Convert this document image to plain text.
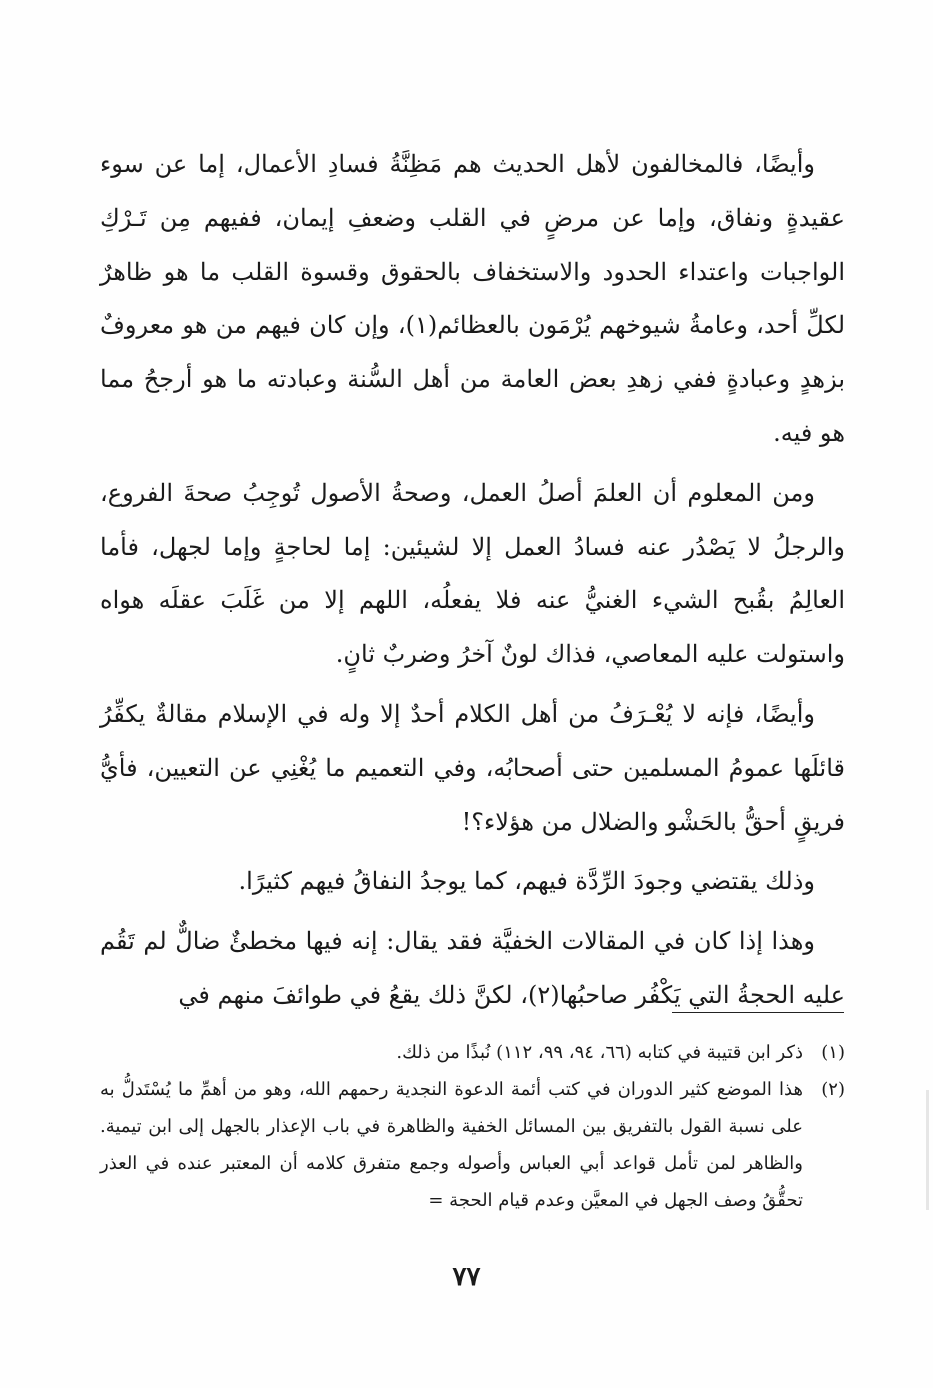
وأيضًا، فالمخالفون لأهل الحديث هم مَظِنَّةُ فسادِ الأعمال، إما عن سوء عقيدةٍ ونفاق، وإما عن مرضٍ في القلب وضعفِ إيمان، ففيهم مِن تَـرْكِ الواجبات واعتداء الحدود والاستخفاف بالحقوق وقسوة القلب ما هو ظاهرٌ لكلِّ أحد، وعامةُ شيوخهم يُرْمَون بالعظائم(١)، وإن كان فيهم من هو معروفٌ بزهدٍ وعبادةٍ ففي زهدِ بعض العامة من أهل السُّنة وعبادته ما هو أرجحُ مما هو فيه.

ومن المعلوم أن العلمَ أصلُ العمل، وصحةُ الأصول تُوجِبُ صحةَ الفروع، والرجلُ لا يَصْدُر عنه فسادُ العمل إلا لشيئين: إما لحاجةٍ وإما لجهل، فأما العالِمُ بقُبح الشيء الغنيُّ عنه فلا يفعلُه، اللهم إلا من غَلَبَ عقلَه هواه واستولت عليه المعاصي، فذاك لونٌ آخرُ وضربٌ ثانٍ.

وأيضًا، فإنه لا يُعْـرَفُ من أهل الكلام أحدٌ إلا وله في الإسلام مقالةٌ يكفِّرُ قائلَها عمومُ المسلمين حتى أصحابُه، وفي التعميم ما يُغْنِي عن التعيين، فأيُّ فريقٍ أحقُّ بالحَشْو والضلال من هؤلاء؟!

وذلك يقتضي وجودَ الرِّدَّة فيهم، كما يوجدُ النفاقُ فيهم كثيرًا.

وهذا إذا كان في المقالات الخفيَّة فقد يقال: إنه فيها مخطئٌ ضالٌّ لم تَقُم عليه الحجةُ التي يَكْفُر صاحبُها(٢)، لكنَّ ذلك يقعُ في طوائفَ منهم في

(١)
ذكر ابن قتيبة في كتابه (٦٦، ٩٤، ٩٩، ١١٢) نُبذًا من ذلك.
(٢)
هذا الموضع كثير الدوران في كتب أئمة الدعوة النجدية رحمهم الله، وهو من أهمِّ ما يُسْتَدلُّ به على نسبة القول بالتفريق بين المسائل الخفية والظاهرة في باب الإعذار بالجهل إلى ابن تيمية. والظاهر لمن تأمل قواعد أبي العباس وأصوله وجمع متفرق كلامه أن المعتبر عنده في العذر تحقُّقُ وصف الجهل في المعيَّن وعدم قيام الحجة =
٧٧
